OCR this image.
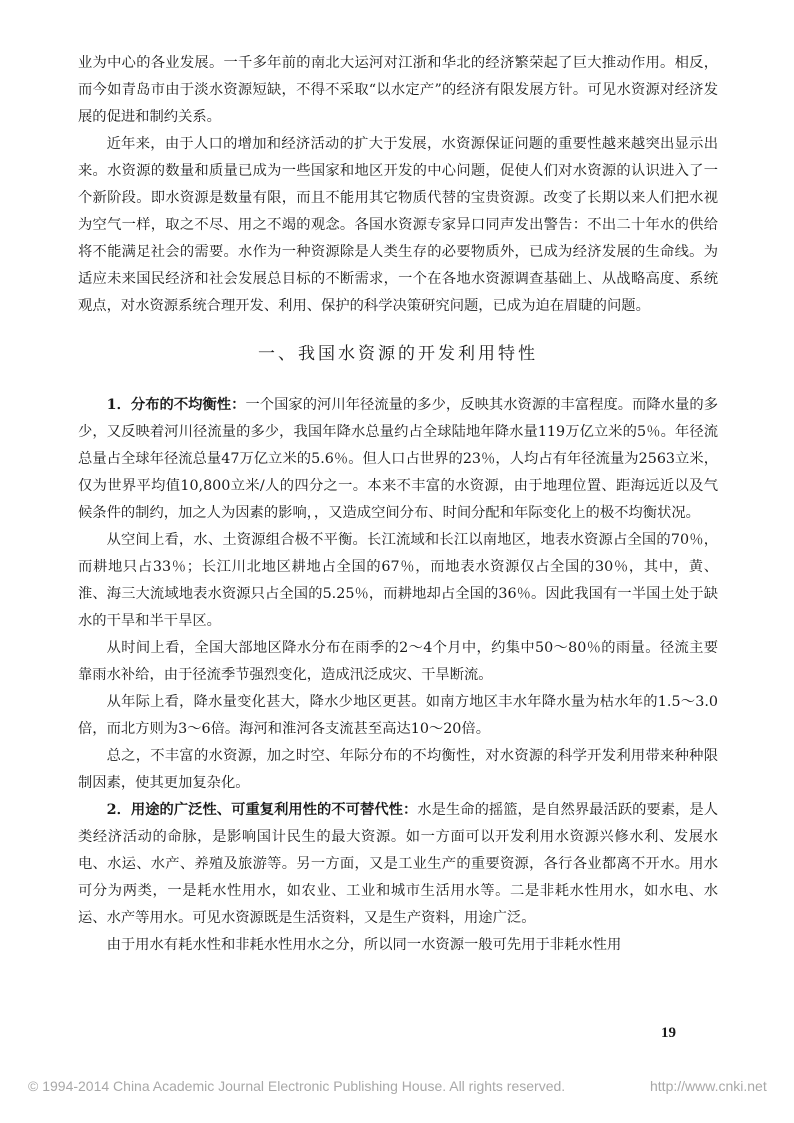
业为中心的各业发展。一千多年前的南北大运河对江浙和华北的经济繁荣起了巨大推动作用。相反，而今如青岛市由于淡水资源短缺，不得不采取“以水定产”的经济有限发展方针。可见水资源对经济发展的促进和制约关系。

近年来，由于人口的增加和经济活动的扩大于发展，水资源保证问题的重要性越来越突出显示出来。水资源的数量和质量已成为一些国家和地区开发的中心问题，促使人们对水资源的认识进入了一个新阶段。即水资源是数量有限，而且不能用其它物质代替的宝贵资源。改变了长期以来人们把水视为空气一样，取之不尽、用之不竭的观念。各国水资源专家异口同声发出警告：不出二十年水的供给将不能满足社会的需要。水作为一种资源除是人类生存的必要物质外，已成为经济发展的生命线。为适应未来国民经济和社会发展总目标的不断需求，一个在各地水资源调查基础上、从战略高度、系统观点，对水资源系统合理开发、利用、保护的科学决策研究问题，已成为迫在眉睫的问题。

一、我国水资源的开发利用特性

1．分布的不均衡性：一个国家的河川年径流量的多少，反映其水资源的丰富程度。而降水量的多少，又反映着河川径流量的多少，我国年降水总量约占全球陆地年降水量119万亿立米的5％。年径流总量占全球年径流总量47万亿立米的5.6％。但人口占世界的23％，人均占有年径流量为2563立米，仅为世界平均值10,800立米/人的四分之一。本来不丰富的水资源，由于地理位置、距海远近以及气候条件的制约，加之人为因素的影响，，又造成空间分布、时间分配和年际变化上的极不均衡状况。

从空间上看，水、土资源组合极不平衡。长江流域和长江以南地区，地表水资源占全国的70％，而耕地只占33％；长江川北地区耕地占全国的67％，而地表水资源仅占全国的30％，其中，黄、淮、海三大流域地表水资源只占全国的5.25％，而耕地却占全国的36％。因此我国有一半国土处于缺水的干旱和半干旱区。

从时间上看，全国大部地区降水分布在雨季的2～4个月中，约集中50～80％的雨量。径流主要靠雨水补给，由于径流季节强烈变化，造成汛泛成灾、干旱断流。

从年际上看，降水量变化甚大，降水少地区更甚。如南方地区丰水年降水量为枯水年的1.5～3.0倍，而北方则为3～6倍。海河和淮河各支流甚至高达10～20倍。

总之，不丰富的水资源，加之时空、年际分布的不均衡性，对水资源的科学开发利用带来种种限制因素，使其更加复杂化。

2．用途的广泛性、可重复利用性的不可替代性：水是生命的摇篮，是自然界最活跃的要素，是人类经济活动的命脉，是影响国计民生的最大资源。如一方面可以开发利用水资源兴修水利、发展水电、水运、水产、养殖及旅游等。另一方面，又是工业生产的重要资源，各行各业都离不开水。用水可分为两类，一是耗水性用水，如农业、工业和城市生活用水等。二是非耗水性用水，如水电、水运、水产等用水。可见水资源既是生活资料，又是生产资料，用途广泛。

由于用水有耗水性和非耗水性用水之分，所以同一水资源一般可先用于非耗水性用

19
© 1994-2014 China Academic Journal Electronic Publishing House. All rights reserved.	http://www.cnki.net
